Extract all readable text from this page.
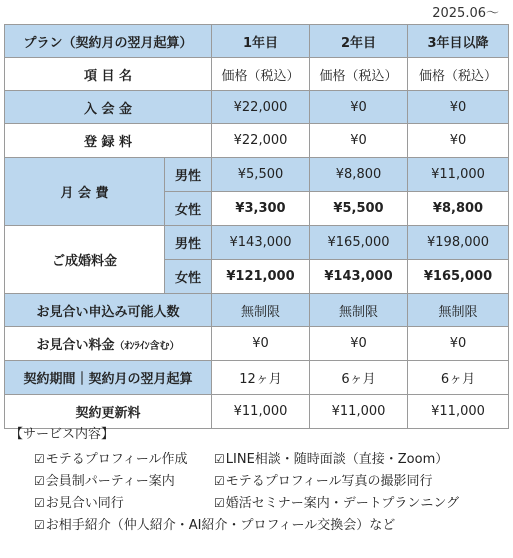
2025.06～
プラン（契約月の翌月起算）		1年目	2年目	3年目以降
項 目 名		価格（税込）	価格（税込）	価格（税込）
入 会 金		¥22,000	¥0	¥0
登 録 料		¥22,000	¥0	¥0
月 会 費	男性	¥5,500	¥8,800	¥11,000
	女性	¥3,300	¥5,500	¥8,800
ご成婚料金	男性	¥143,000	¥165,000	¥198,000
	女性	¥121,000	¥143,000	¥165,000
お見合い申込み可能人数		無制限	無制限	無制限
お見合い料金（ｵﾝﾗｲﾝ含む）		¥0	¥0	¥0
契約期間｜契約月の翌月起算		12ヶ月	6ヶ月	6ヶ月
契約更新料		¥11,000	¥11,000	¥11,000
【サービス内容】
☑モテるプロフィール作成 ☑LINE相談・随時面談（直接・Zoom）
☑会員制パーティー案内	☑モテるプロフィール写真の撮影同行
☑お見合い同行	☑婚活セミナー案内・デートプランニング
☑お相手紹介（仲人紹介・AI紹介・プロフィール交換会）など
